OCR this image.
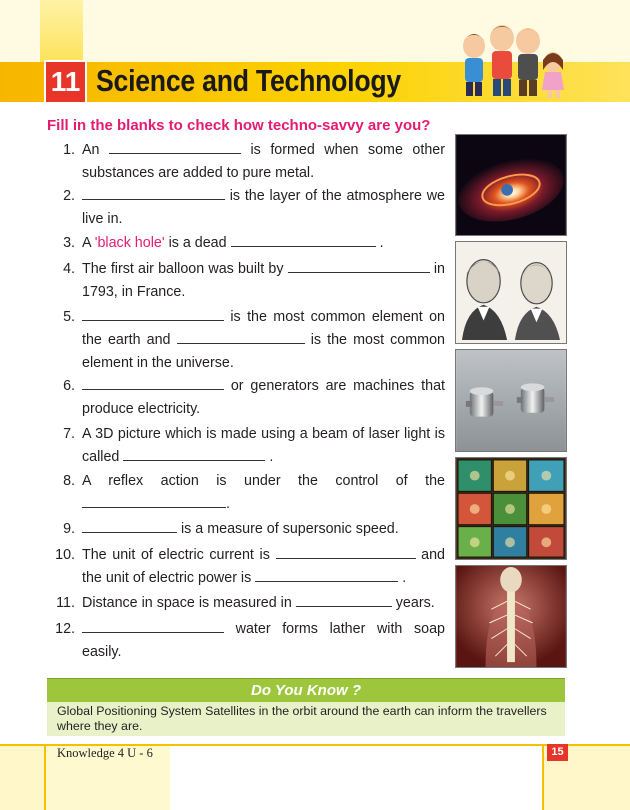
11 Science and Technology
Fill in the blanks to check how techno-savvy are you?
1. An	is formed when some other substances are added to pure metal.
2.	is the layer of the atmosphere we live in.
3. A 'black hole' is a dead	.
4. The first air balloon was built by	in 1793, in France.
5.	is the most common element on the earth and	is the most common element in the universe.
6.	or generators are machines that produce electricity.
7. A 3D picture which is made using a beam of laser light is called	.
8. A reflex action is under the control of the .
9.	is a measure of supersonic speed.
10. The unit of electric current is	and the unit of electric power is	.
11. Distance in space is measured in	years.
12.	water forms lather with soap easily.
Do You Know ?
Global Positioning System Satellites in the orbit around the earth can inform the travellers where they are.
Knowledge 4 U - 6	15
